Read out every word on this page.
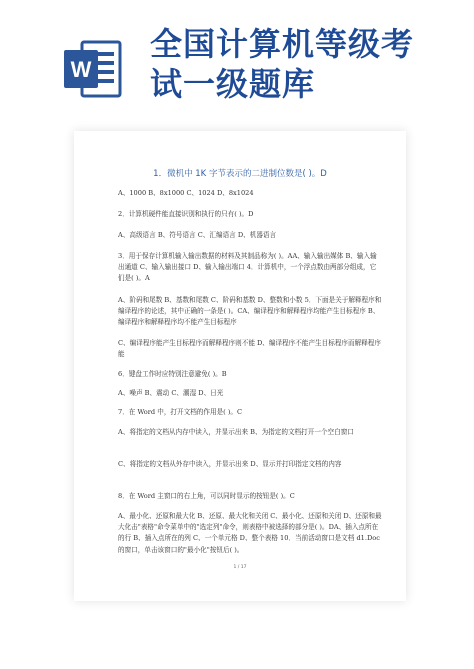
W

全国计算机等级考
试一级题库

1．微机中 1K 字节表示的二进制位数是( )。D

A、1000 B、8x1000 C、1024 D、8x1024

2．计算机硬件能直接识别和执行的只有( )。D

A、高级语言 B、符号语言 C、汇编语言 D、机器语言

3．用于保存计算机输入输出数据的材料及其制品称为( )。AA、输入输出媒体 B、输入输出通道 C、输入输出接口 D、输入输出端口 4．计算机中，一个浮点数由两部分组成，它们是( )。A

A、阶码和尾数 B、基数和尾数 C、阶码和基数 D、整数和小数 5．下面是关于解释程序和编译程序的论述，其中正确的一条是( )。CA、编译程序和解释程序均能产生目标程序 B、编译程序和解释程序均不能产生目标程序

C、编译程序能产生目标程序而解释程序则不能 D、编译程序不能产生目标程序而解释程序能

6．键盘工作时应特别注意避免( )。B

A、噪声 B、震动 C、潮湿 D、日光

7．在 Word 中，打开文档的作用是( )。C

A、将指定的文档从内存中读入，并显示出来 B、为指定的文档打开一个空白窗口

C、将指定的文档从外存中读入，并显示出来 D、显示并打印指定文档的内容

8．在 Word 主窗口的右上角，可以同时显示的按钮是( )。C

A、最小化、还原和最大化 B、还原、最大化和关闭 C、最小化、还原和关闭 D、还原和最大化击"表格"命令菜单中的"选定列"命令，则表格中被选择的部分是( )。DA、插入点所在的行 B、插入点所在的列 C、一个单元格 D、整个表格 10．当前活动窗口是文档 d1.Doc 的窗口，单击该窗口的"最小化"按钮后( )。

1 / 17
